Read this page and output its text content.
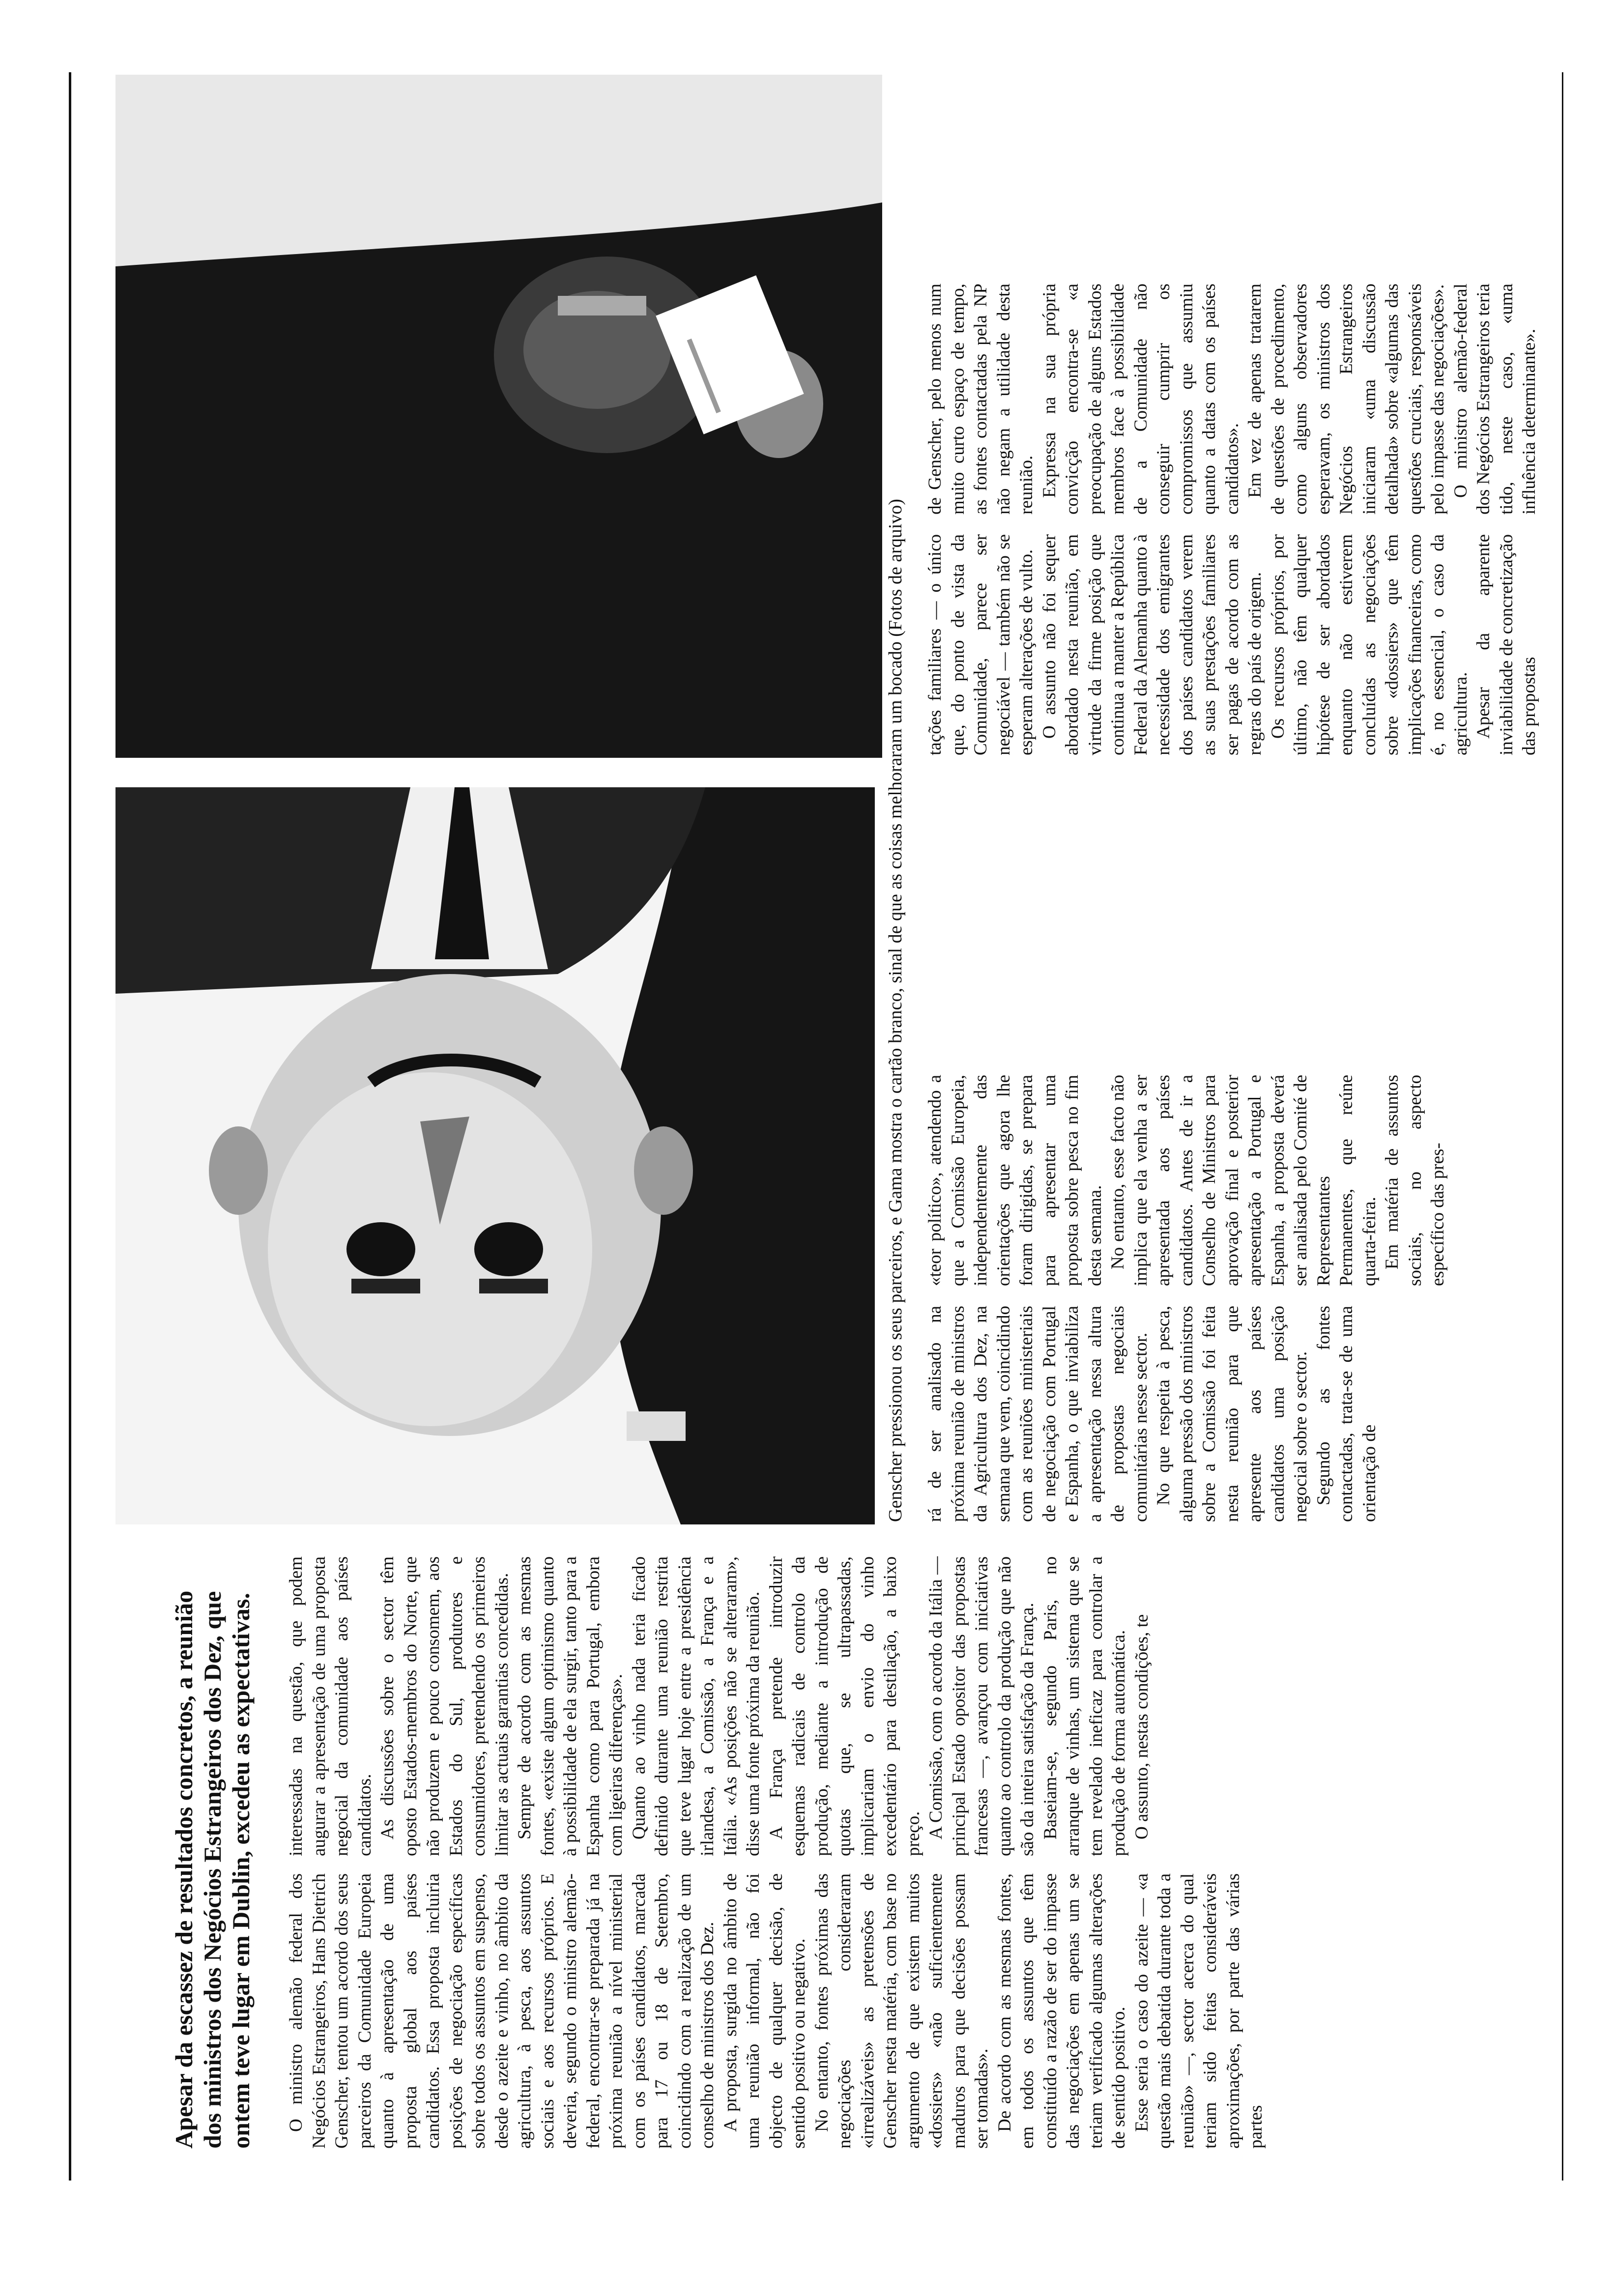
Apesar da escassez de resultados concretos, a reunião dos ministros dos Negócios Estrangeiros dos Dez, que ontem teve lugar em Dublin, excedeu as expectativas. O ministro alemão federal dos Negócios Estrangeiros, Hans Dietrich Genscher, tentou um acordo dos seus parceiros da Comunidade Europeia quanto à apresentação de uma proposta global aos países candidatos. Essa proposta incluiria posições de negociação específicas sobre todos os assuntos em suspenso, desde o azeite e vinho, no âmbito da agricultura, à pesca, aos assuntos sociais e aos recursos próprios. E deveria, segundo o ministro alemão-federal, encontrar-se preparada já na próxima reunião a nível ministerial com os países candidatos, marcada para 17 ou 18 de Setembro, coincidindo com a realização de um conselho de ministros dos Dez. A proposta, surgida no âmbito de uma reunião informal, não foi objecto de qualquer decisão, de sentido positivo ou negativo. No entanto, fontes próximas das negociações consideraram «irrealizáveis» as pretensões de Genscher nesta matéria, com base no argumento de que existem muitos «dossiers» «não suficientemente maduros para que decisões possam ser tomadas». De acordo com as mesmas fontes, em todos os assuntos que têm constituído a razão de ser do impasse das negociações em apenas um se teriam verificado algumas alterações de sentido positivo. Esse seria o caso do azeite — «a questão mais debatida durante toda a reunião» —, sector acerca do qual teriam sido feitas consideráveis aproximações, por parte das várias partes

interessadas na questão, que podem augurar a apresentação de uma proposta negocial da comunidade aos países candidatos. As discussões sobre o sector têm oposto Estados-membros do Norte, que não produzem e pouco consomem, aos Estados do Sul, produtores e consumidores, pretendendo os primeiros limitar as actuais garantias concedidas. Sempre de acordo com as mesmas fontes, «existe algum optimismo quanto à possibilidade de ela surgir, tanto para a Espanha como para Portugal, embora com ligeiras diferenças». Quanto ao vinho nada teria ficado definido durante uma reunião restrita que teve lugar hoje entre a presidência irlandesa, a Comissão, a França e a Itália. «As posições não se alteraram», disse uma fonte próxima da reunião. A França pretende introduzir esquemas radicais de controlo da produção, mediante a introdução de quotas que, se ultrapassadas, implicariam o envio do vinho excedentário para destilação, a baixo preço. A Comissão, com o acordo da Itália — principal Estado opositor das propostas francesas —, avançou com iniciativas quanto ao controlo da produção que não são da inteira satisfação da França. Baseiam-se, segundo Paris, no arranque de vinhas, um sistema que se tem revelado ineficaz para controlar a produção de forma automática. O assunto, nestas condições, te

Genscher pressionou os seus parceiros, e Gama mostra o cartão branco, sinal de que as coisas melhoraram um bocado (Fotos de arquivo) rá de ser analisado na próxima reunião de ministros da Agricultura dos Dez, na semana que vem, coincidindo com as reuniões ministeriais de negociação com Portugal e Espanha, o que inviabiliza a apresentação nessa altura de propostas negociais comunitárias nesse sector. No que respeita à pesca, alguma pressão dos ministros sobre a Comissão foi feita nesta reunião para que apresente aos países candidatos uma posição negocial sobre o sector. Segundo as fontes contactadas, trata-se de uma orientação de

«teor político», atendendo a que a Comissão Europeia, independentemente das orientações que agora lhe foram dirigidas, se prepara para apresentar uma proposta sobre pesca no fim desta semana. No entanto, esse facto não implica que ela venha a ser apresentada aos países candidatos. Antes de ir a Conselho de Ministros para aprovação final e posterior apresentação a Portugal e Espanha, a proposta deverá ser analisada pelo Comité de Representantes Permanentes, que reúne quarta-feira. Em matéria de assuntos sociais, no aspecto específico das pres-

tações familiares — o único que, do ponto de vista da Comunidade, parece ser negociável — também não se esperam alterações de vulto. O assunto não foi sequer abordado nesta reunião, em virtude da firme posição que continua a manter a República Federal da Alemanha quanto à necessidade dos emigrantes dos países candidatos verem as suas prestações familiares ser pagas de acordo com as regras do país de origem. Os recursos próprios, por último, não têm qualquer hipótese de ser abordados enquanto não estiverem concluídas as negociações sobre «dossiers» que têm implicações financeiras, como é, no essencial, o caso da agricultura. Apesar da aparente inviabilidade de concretização das propostas

de Genscher, pelo menos num muito curto espaço de tempo, as fontes contactadas pela NP não negam a utilidade desta reunião. Expressa na sua própria convicção encontra-se «a preocupação de alguns Estados membros face à possibilidade de a Comunidade não conseguir cumprir os compromissos que assumiu quanto a datas com os países candidatos». Em vez de apenas tratarem de questões de procedimento, como alguns observadores esperavam, os ministros dos Negócios Estrangeiros iniciaram «uma discussão detalhada» sobre «algumas das questões cruciais, responsáveis pelo impasse das negociações». O ministro alemão-federal dos Negócios Estrangeiros teria tido, neste caso, «uma influência determinante».
